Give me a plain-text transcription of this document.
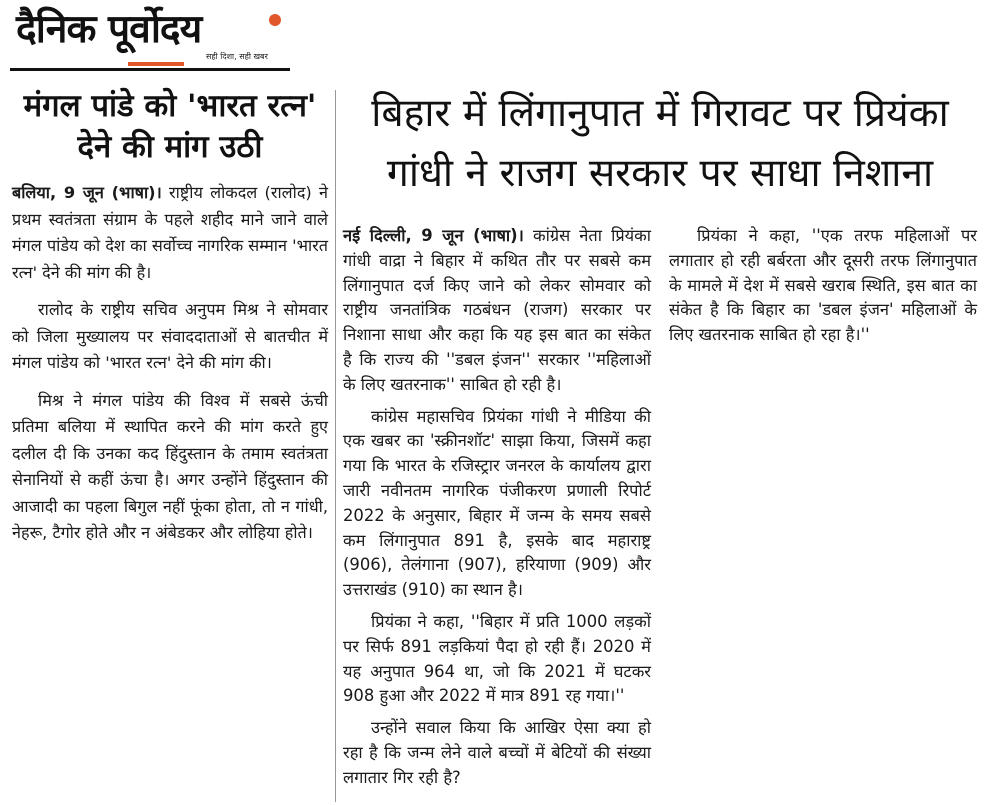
दैनिक पूर्वोदय
सही दिशा, सही खबर
मंगल पांडे को 'भारत रत्न' देने की मांग उठी

बलिया, 9 जून (भाषा)। राष्ट्रीय लोकदल (रालोद) ने प्रथम स्वतंत्रता संग्राम के पहले शहीद माने जाने वाले मंगल पांडेय को देश का सर्वोच्च नागरिक सम्मान 'भारत रत्न' देने की मांग की है।

रालोद के राष्ट्रीय सचिव अनुपम मिश्र ने सोमवार को जिला मुख्यालय पर संवाददाताओं से बातचीत में मंगल पांडेय को 'भारत रत्न' देने की मांग की।

मिश्र ने मंगल पांडेय की विश्व में सबसे ऊंची प्रतिमा बलिया में स्थापित करने की मांग करते हुए दलील दी कि उनका कद हिंदुस्तान के तमाम स्वतंत्रता सेनानियों से कहीं ऊंचा है। अगर उन्होंने हिंदुस्तान की आजादी का पहला बिगुल नहीं फूंका होता, तो न गांधी, नेहरू, टैगोर होते और न अंबेडकर और लोहिया होते।

बिहार में लिंगानुपात में गिरावट पर प्रियंका गांधी ने राजग सरकार पर साधा निशाना

नई दिल्ली, 9 जून (भाषा)। कांग्रेस नेता प्रियंका गांधी वाद्रा ने बिहार में कथित तौर पर सबसे कम लिंगानुपात दर्ज किए जाने को लेकर सोमवार को राष्ट्रीय जनतांत्रिक गठबंधन (राजग) सरकार पर निशाना साधा और कहा कि यह इस बात का संकेत है कि राज्य की ''डबल इंजन'' सरकार ''महिलाओं के लिए खतरनाक'' साबित हो रही है।

कांग्रेस महासचिव प्रियंका गांधी ने मीडिया की एक खबर का 'स्क्रीनशॉट' साझा किया, जिसमें कहा गया कि भारत के रजिस्ट्रार जनरल के कार्यालय द्वारा जारी नवीनतम नागरिक पंजीकरण प्रणाली रिपोर्ट 2022 के अनुसार, बिहार में जन्म के समय सबसे कम लिंगानुपात 891 है, इसके बाद महाराष्ट्र (906), तेलंगाना (907), हरियाणा (909) और उत्तराखंड (910) का स्थान है।

प्रियंका ने कहा, ''बिहार में प्रति 1000 लड़कों पर सिर्फ 891 लड़कियां पैदा हो रही हैं। 2020 में यह अनुपात 964 था, जो कि 2021 में घटकर 908 हुआ और 2022 में मात्र 891 रह गया।''

उन्होंने सवाल किया कि आखिर ऐसा क्या हो रहा है कि जन्म लेने वाले बच्चों में बेटियों की संख्या लगातार गिर रही है?

प्रियंका ने कहा, ''एक तरफ महिलाओं पर लगातार हो रही बर्बरता और दूसरी तरफ लिंगानुपात के मामले में देश में सबसे खराब स्थिति, इस बात का संकेत है कि बिहार का 'डबल इंजन' महिलाओं के लिए खतरनाक साबित हो रहा है।''
